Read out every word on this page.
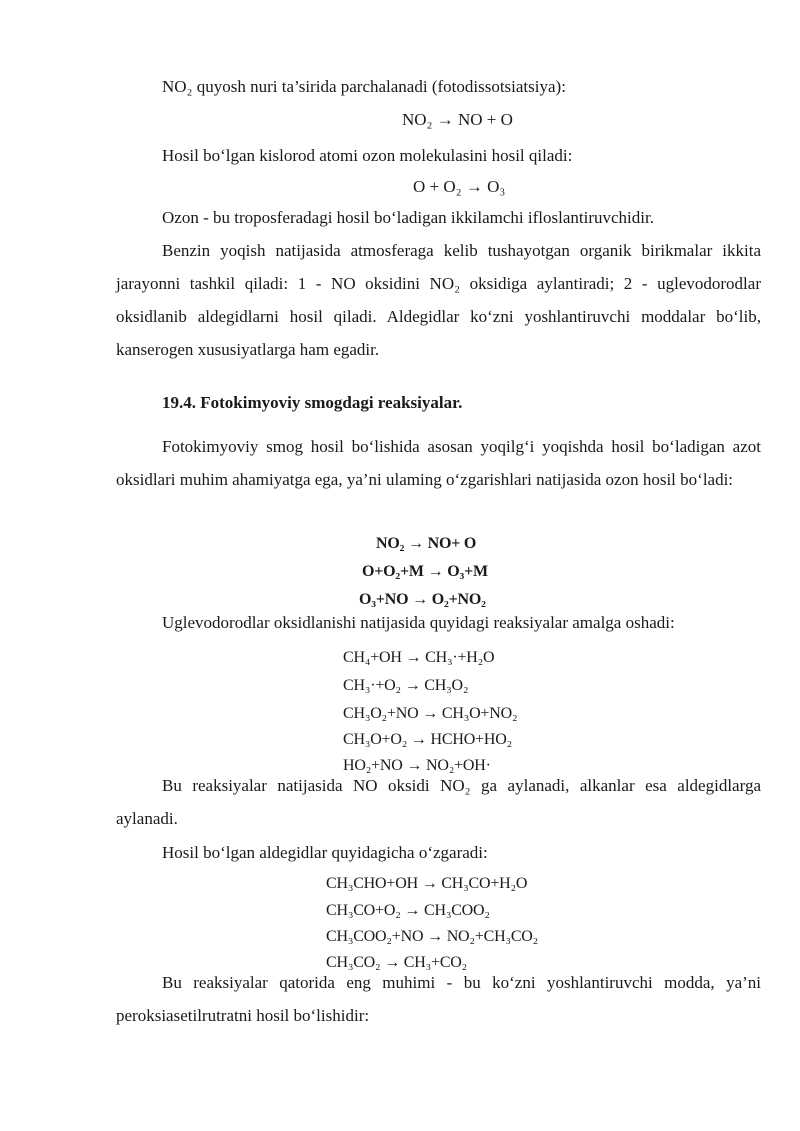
NO₂ quyosh nuri ta’sirida parchalanadi (fotodissotsiatsiya):
NO₂ → NO + O
Hosil bo‘lgan kislorod atomi ozon molekulasini hosil qiladi:
O + O₂ → O₃
Ozon - bu troposferadagi hosil bo‘ladigan ikkilamchi ifloslantiruvchidir.

Benzin yoqish natijasida atmosferaga kelib tushayotgan organik birikmalar ikkita jarayonni tashkil qiladi: 1 - NO oksidini NO₂ oksidiga aylantiradi; 2 - uglevodorodlar oksidlanib aldegidlarni hosil qiladi. Aldegidlar ko‘zni yoshlantiruvchi moddalar bo‘lib, kanserogen xususiyatlarga ham egadir.

19.4. Fotokimyoviy smogdagi reaksiyalar.

Fotokimyoviy smog hosil bo‘lishida asosan yoqilg‘i yoqishda hosil bo‘ladigan azot oksidlari muhim ahamiyatga ega, ya’ni ulaming o‘zgarishlari natijasida ozon hosil bo‘ladi:

NO₂ → NO+ O
O+O₂+M → O₃+M
O₃+NO → O₂+NO₂
Uglevodorodlar oksidlanishi natijasida quyidagi reaksiyalar amalga oshadi:
CH₄+OH → CH₃·+H₂O
CH₃·+O₂ → CH₃O₂
CH₃O₂+NO → CH₃O+NO₂
CH₃O+O₂ → HCHO+HO₂
HO₂+NO → NO₂+OH·

Bu reaksiyalar natijasida NO oksidi NO₂ ga aylanadi, alkanlar esa aldegidlarga aylanadi.

Hosil bo‘lgan aldegidlar quyidagicha o‘zgaradi:
CH₃CHO+OH → CH₃CO+H₂O
CH₃CO+O₂ → CH₃COO₂
CH₃COO₂+NO → NO₂+CH₃CO₂
CH₃CO₂ → CH₃+CO₂

Bu reaksiyalar qatorida eng muhimi - bu ko‘zni yoshlantiruvchi modda, ya’ni peroksiasetilrutratni hosil bo‘lishidir:
